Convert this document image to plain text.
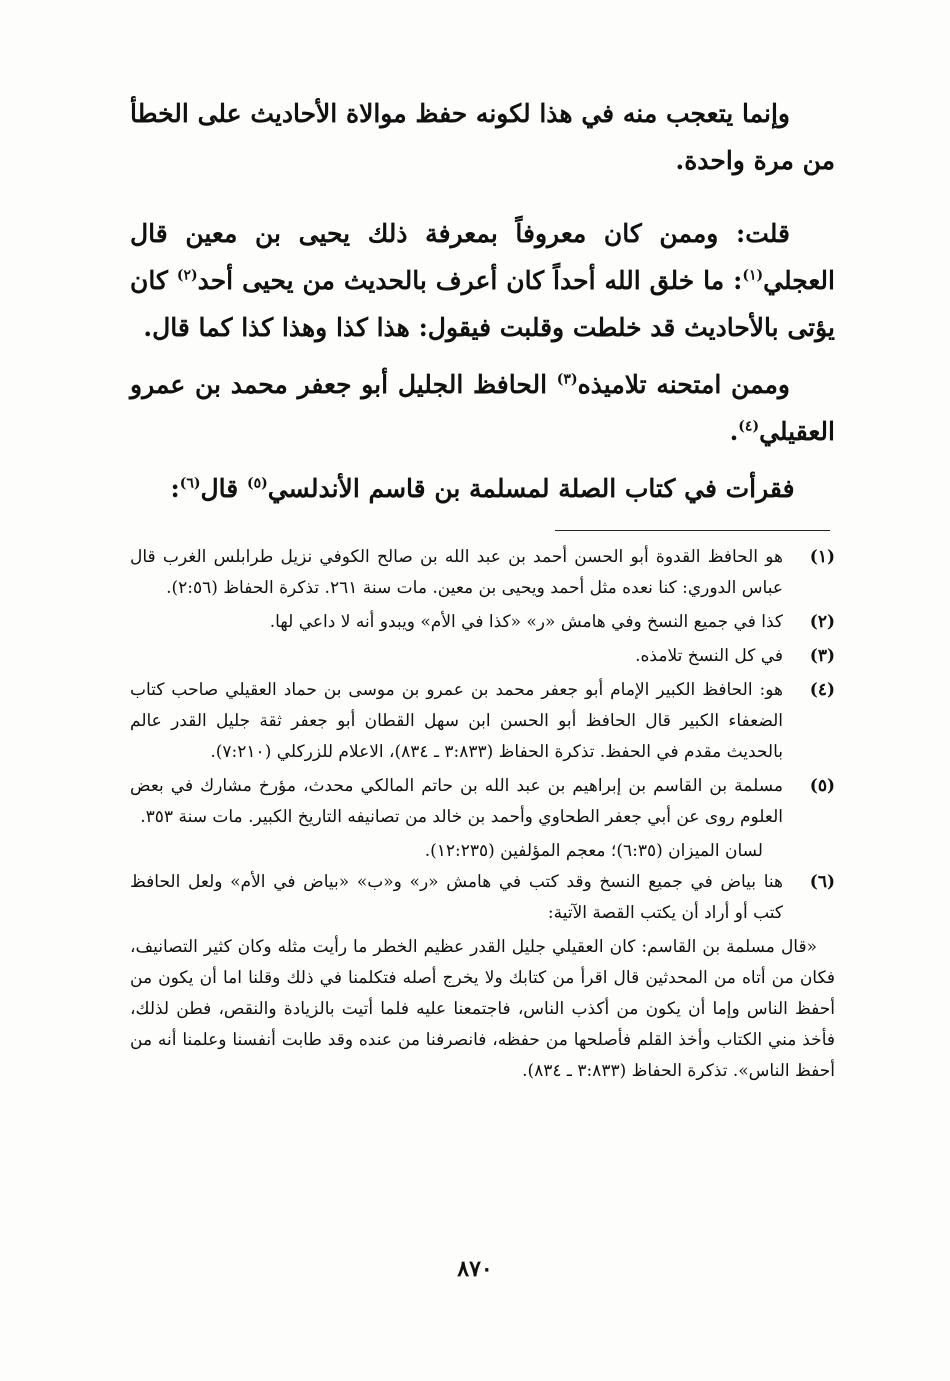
وإنما يتعجب منه في هذا لكونه حفظ موالاة الأحاديث على الخطأ من مرة واحدة.

قلت: وممن كان معروفاً بمعرفة ذلك يحيى بن معين قال العجلي$^{(١)}$: ما خلق الله أحداً كان أعرف بالحديث من يحيى أحد$^{(٢)}$ كان يؤتى بالأحاديث قد خلطت وقلبت فيقول: هذا كذا وهذا كذا كما قال.

وممن امتحنه تلاميذه$^{(٣)}$ الحافظ الجليل أبو جعفر محمد بن عمرو العقيلي$^{(٤)}$.

فقرأت في كتاب الصلة لمسلمة بن قاسم الأندلسي$^{(٥)}$ قال$^{(٦)}$:

(١)
هو الحافظ القدوة أبو الحسن أحمد بن عبد الله بن صالح الكوفي نزيل طرابلس الغرب قال عباس الدوري: كنا نعده مثل أحمد ويحيى بن معين. مات سنة ٢٦١. تذكرة الحفاظ (٢:٥٦).
(٢)
كذا في جميع النسخ وفي هامش «ر» «كذا في الأم» ويبدو أنه لا داعي لها.
(٣)
في كل النسخ تلامذه.
(٤)
هو: الحافظ الكبير الإمام أبو جعفر محمد بن عمرو بن موسى بن حماد العقيلي صاحب كتاب الضعفاء الكبير قال الحافظ أبو الحسن ابن سهل القطان أبو جعفر ثقة جليل القدر عالم بالحديث مقدم في الحفظ. تذكرة الحفاظ (٣:٨٣٣ ـ ٨٣٤)، الاعلام للزركلي (٧:٢١٠).
(٥)
مسلمة بن القاسم بن إبراهيم بن عبد الله بن حاتم المالكي محدث، مؤرخ مشارك في بعض العلوم روى عن أبي جعفر الطحاوي وأحمد بن خالد من تصانيفه التاريخ الكبير. مات سنة ٣٥٣.
لسان الميزان (٦:٣٥)؛ معجم المؤلفين (١٢:٢٣٥).
(٦)
هنا بياض في جميع النسخ وقد كتب في هامش «ر» و«ب» «بياض في الأم» ولعل الحافظ كتب أو أراد أن يكتب القصة الآتية:
«قال مسلمة بن القاسم: كان العقيلي جليل القدر عظيم الخطر ما رأيت مثله وكان كثير التصانيف، فكان من أتاه من المحدثين قال اقرأ من كتابك ولا يخرج أصله فتكلمنا في ذلك وقلنا اما أن يكون من أحفظ الناس وإما أن يكون من أكذب الناس، فاجتمعنا عليه فلما أتيت بالزيادة والنقص، فطن لذلك، فأخذ مني الكتاب وأخذ القلم فأصلحها من حفظه، فانصرفنا من عنده وقد طابت أنفسنا وعلمنا أنه من أحفظ الناس». تذكرة الحفاظ (٣:٨٣٣ ـ ٨٣٤).
٨٧٠
